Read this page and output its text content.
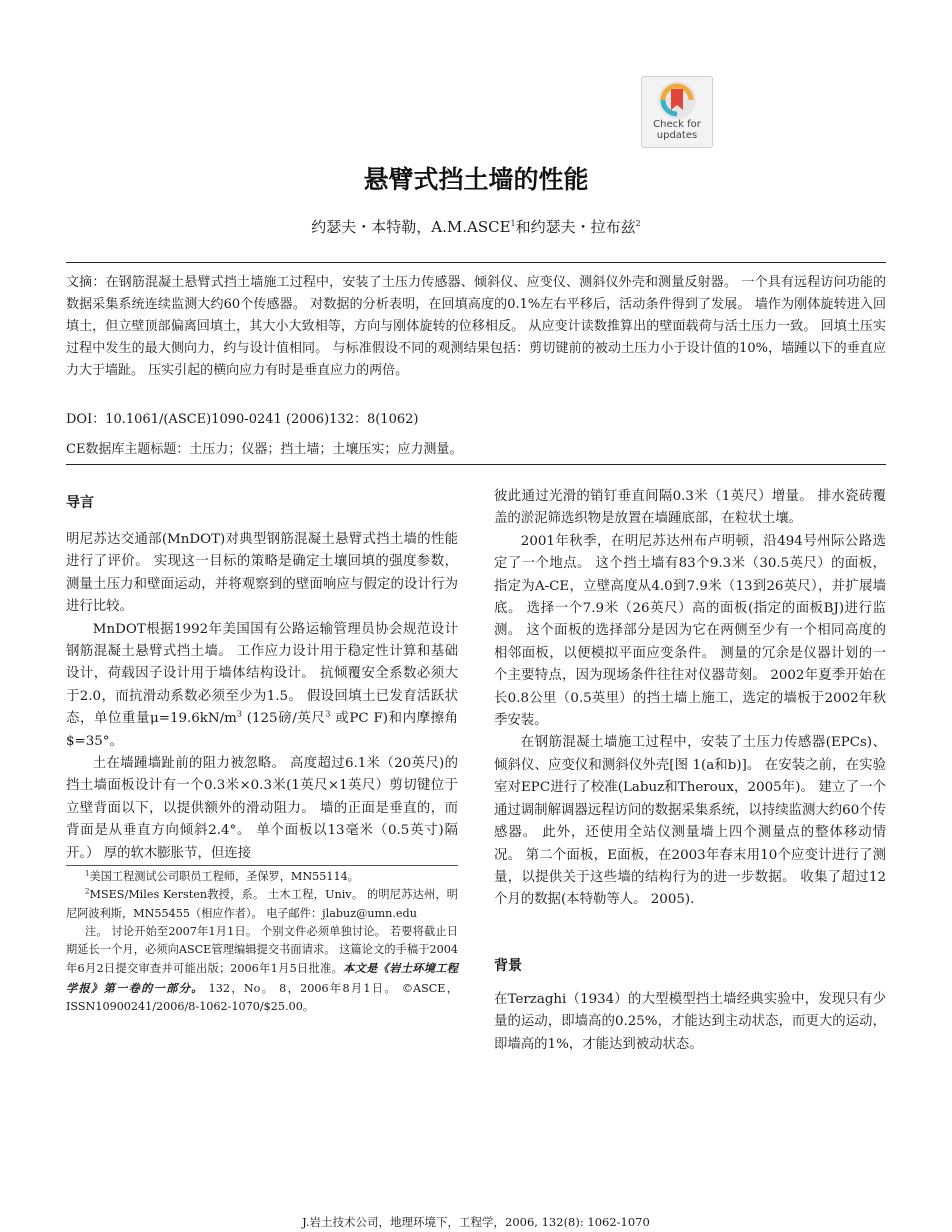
Check for
updates
悬臂式挡土墙的性能
约瑟夫・本特勒，A.M.ASCE$^1$和约瑟夫・拉布兹$^2$
文摘：在钢筋混凝土悬臂式挡土墙施工过程中，安装了土压力传感器、倾斜仪、应变仪、测斜仪外壳和测量反射器。 一个具有远程访问功能的数据采集系统连续监测大约60个传感器。 对数据的分析表明，在回填高度的0.1%左右平移后，活动条件得到了发展。 墙作为刚体旋转进入回填土，但立壁顶部偏离回填土，其大小大致相等，方向与刚体旋转的位移相反。 从应变计读数推算出的壁面载荷与活土压力一致。 回填土压实过程中发生的最大侧向力，约与设计值相同。 与标准假设不同的观测结果包括：剪切键前的被动土压力小于设计值的10%，墙踵以下的垂直应力大于墙趾。 压实引起的横向应力有时是垂直应力的两倍。
DOI：10.1061/(ASCE)1090-0241 (2006)132：8(1062)
CE数据库主题标题：土压力；仪器；挡土墙；土壤压实；应力测量。
导言

明尼苏达交通部(MnDOT)对典型钢筋混凝土悬臂式挡土墙的性能进行了评价。 实现这一目标的策略是确定土壤回填的强度参数，测量土压力和壁面运动，并将观察到的壁面响应与假定的设计行为进行比较。

MnDOT根据1992年美国国有公路运输管理员协会规范设计钢筋混凝土悬臂式挡土墙。 工作应力设计用于稳定性计算和基础设计，荷载因子设计用于墙体结构设计。 抗倾覆安全系数必须大于2.0，而抗滑动系数必须至少为1.5。 假设回填土已发育活跃状态，单位重量$\mu=19.6kN/m^3$ (125磅/英尺$^3$ 或PC F)和内摩擦角$=35°。

土在墙踵墙趾前的阻力被忽略。 高度超过6.1米（20英尺)的挡土墙面板设计有一个0.3米×0.3米(1英尺×1英尺）剪切键位于立壁背面以下，以提供额外的滑动阻力。 墙的正面是垂直的，而背面是从垂直方向倾斜2.4°。 单个面板以13毫米（0.5英寸)隔开。） 厚的软木膨胀节，但连接

$^1$美国工程测试公司职员工程师，圣保罗，MN55114。

$^2$MSES/Miles Kersten教授，系。 土木工程，Univ。 的明尼苏达州，明尼阿波利斯，MN55455（相应作者）。 电子邮件：jlabuz@umn.edu

注。 讨论开始至2007年1月1日。 个别文件必须单独讨论。 若要将截止日期延长一个月，必须向ASCE管理编辑提交书面请求。 这篇论文的手稿于2004年6月2日提交审查并可能出版；2006年1月5日批准。本文是《岩土环境工程学报》第一卷的一部分。 132，No。 8，2006年8月1日。 ©ASCE，ISSN10900241/2006/8-1062-1070/$25.00。

彼此通过光滑的销钉垂直间隔0.3米（1英尺）增量。 排水瓷砖覆盖的淤泥筛选织物是放置在墙踵底部，在粒状土壤。

2001年秋季，在明尼苏达州布卢明顿，沿494号州际公路选定了一个地点。 这个挡土墙有83个9.3米（30.5英尺）的面板，指定为A-CE，立壁高度从4.0到7.9米（13到26英尺），并扩展墙底。 选择一个7.9米（26英尺）高的面板(指定的面板BJ)进行监测。 这个面板的选择部分是因为它在两侧至少有一个相同高度的相邻面板，以便模拟平面应变条件。 测量的冗余是仪器计划的一个主要特点，因为现场条件往往对仪器苛刻。 2002年夏季开始在长0.8公里（0.5英里）的挡土墙上施工，选定的墙板于2002年秋季安装。

在钢筋混凝土墙施工过程中，安装了土压力传感器(EPCs)、倾斜仪、应变仪和测斜仪外壳[图 1(a和b)]。 在安装之前，在实验室对EPC进行了校准(Labuz和Theroux，2005年)。 建立了一个通过调制解调器远程访问的数据采集系统，以持续监测大约60个传感器。 此外，还使用全站仪测量墙上四个测量点的整体移动情况。 第二个面板，E面板，在2003年春末用10个应变计进行了测量，以提供关于这些墙的结构行为的进一步数据。 收集了超过12个月的数据(本特勒等人。 2005).

背景

在Terzaghi（1934）的大型模型挡土墙经典实验中，发现只有少量的运动，即墙高的0.25%，才能达到主动状态，而更大的运动，即墙高的1%，才能达到被动状态。

J.岩土技术公司，地理环境下，工程学，2006, 132(8): 1062-1070
